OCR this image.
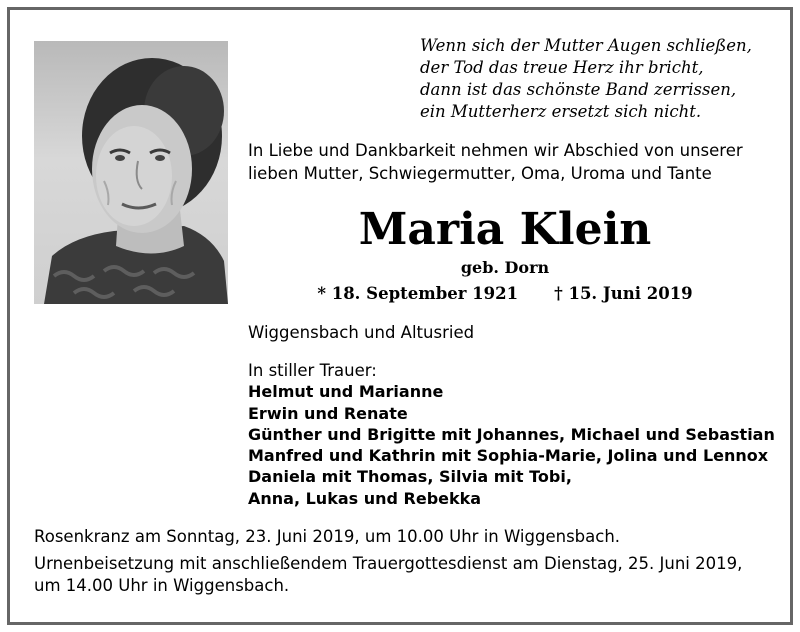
Wenn sich der Mutter Augen schließen,
der Tod das treue Herz ihr bricht,
dann ist das schönste Band zerrissen,
ein Mutterherz ersetzt sich nicht.
In Liebe und Dankbarkeit nehmen wir Abschied von unserer
lieben Mutter, Schwiegermutter, Oma, Uroma und Tante
Maria Klein
geb. Dorn
* 18. September 1921 † 15. Juni 2019
Wiggensbach und Altusried
In stiller Trauer:
Helmut und Marianne
Erwin und Renate
Günther und Brigitte mit Johannes, Michael und Sebastian
Manfred und Kathrin mit Sophia-Marie, Jolina und Lennox
Daniela mit Thomas, Silvia mit Tobi,
Anna, Lukas und Rebekka
Rosenkranz am Sonntag, 23. Juni 2019, um 10.00 Uhr in Wiggensbach.
Urnenbeisetzung mit anschließendem Trauergottesdienst am Dienstag, 25. Juni 2019,
um 14.00 Uhr in Wiggensbach.
